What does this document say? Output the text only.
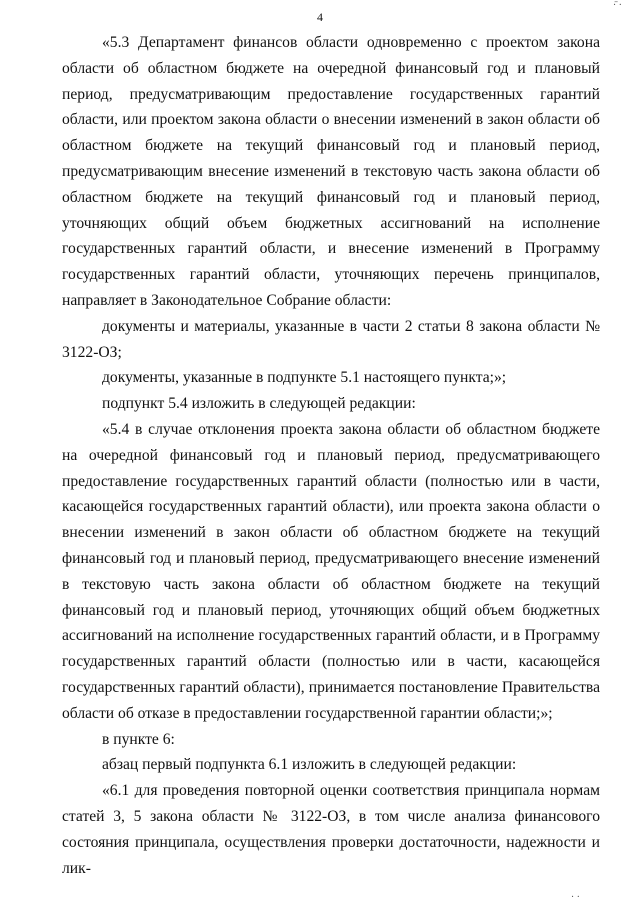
·̄ ·
4

«5.3 Департамент финансов области одновременно с проектом закона области об областном бюджете на очередной финансовый год и плановый период, предусматривающим предоставление государственных гарантий области, или проектом закона области о внесении изменений в закон области об областном бюджете на текущий финансовый год и плановый период, предусматривающим внесение изменений в текстовую часть закона области об областном бюджете на текущий финансовый год и плановый период, уточняющих общий объем бюджетных ассигнований на исполнение государственных гарантий области, и внесение изменений в Программу государственных гарантий области, уточняющих перечень принципалов, направляет в Законодательное Собрание области:

документы и материалы, указанные в части 2 статьи 8 закона области № 3122-ОЗ;

документы, указанные в подпункте 5.1 настоящего пункта;»;

подпункт 5.4 изложить в следующей редакции:

«5.4 в случае отклонения проекта закона области об областном бюджете на очередной финансовый год и плановый период, предусматривающего предоставление государственных гарантий области (полностью или в части, касающейся государственных гарантий области), или проекта закона области о внесении изменений в закон области об областном бюджете на текущий финансовый год и плановый период, предусматривающего внесение изменений в текстовую часть закона области об областном бюджете на текущий финансовый год и плановый период, уточняющих общий объем бюджетных ассигнований на исполнение государственных гарантий области, и в Программу государственных гарантий области (полностью или в части, касающейся государственных гарантий области), принимается постановление Правительства области об отказе в предоставлении государственной гарантии области;»;

в пункте 6:

абзац первый подпункта 6.1 изложить в следующей редакции:

«6.1 для проведения повторной оценки соответствия принципала нормам статей 3, 5 закона области № 3122-ОЗ, в том числе анализа финансового состояния принципала, осуществления проверки достаточности, надежности и лик-

· ·
